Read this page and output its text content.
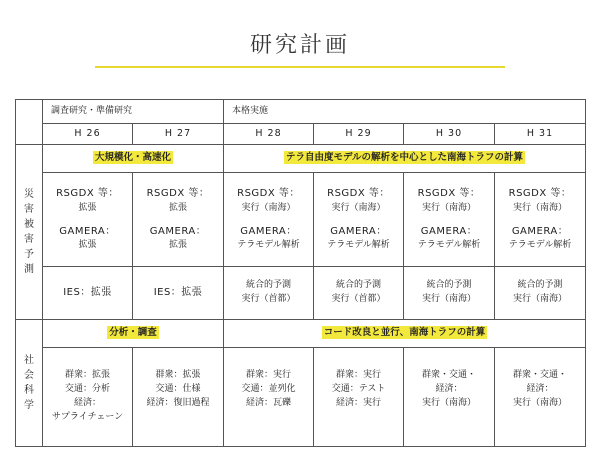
研究計画
	調査研究・準備研究		本格実施			
	H 26	H 27	H 28	H 29	H 30	H 31
災害被害予測	大規模化・高速化		テラ自由度モデルの解析を中心とした南海トラフの計算			

	RSGDX 等：
拡張
GAMERA：
拡張	RSGDX 等：
拡張
GAMERA：
拡張	RSGDX 等：
実行（南海）
GAMERA：
テラモデル解析	RSGDX 等：
実行（南海）
GAMERA：
テラモデル解析	RSGDX 等：
実行（南海）
GAMERA：
テラモデル解析	RSGDX 等：
実行（南海）
GAMERA：
テラモデル解析

	IES：拡張	IES：拡張	統合的予測
実行（首都）	統合的予測
実行（首都）	統合的予測
実行（南海）	統合的予測
実行（南海）

社会科学	分析・調査		コード改良と並行、南海トラフの計算			

	群衆：拡張
交通：分析
経済：
サプライチェーン	群衆：拡張
交通：仕様
経済：復旧過程	群衆：実行
交通：並列化
経済：瓦礫	群衆：実行
交通：テスト
経済：実行	群衆・交通・
経済：
実行（南海）	群衆・交通・
経済：
実行（南海）
